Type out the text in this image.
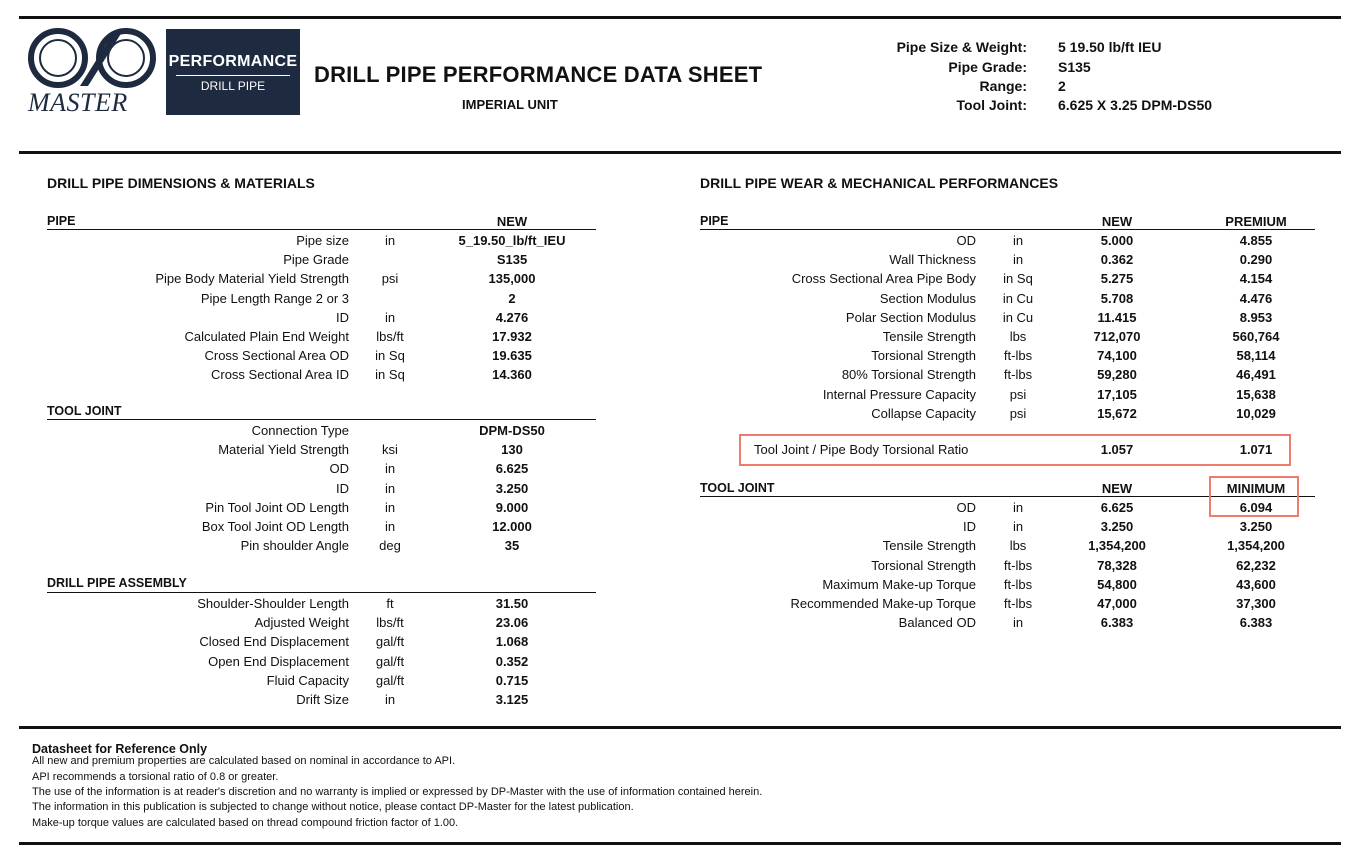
MASTER
PERFORMANCE
DRILL PIPE	DRILL PIPE PERFORMANCE DATA SHEET
IMPERIAL UNIT
Pipe Size & Weight: 5 19.50 lb/ft IEU
Pipe Grade: S135
Range: 2
Tool Joint: 6.625 X 3.25 DPM-DS50
DRILL PIPE DIMENSIONS & MATERIALS
PIPE	NEW
Pipe size	in	5_19.50_lb/ft_IEU
Pipe Grade	S135
Pipe Body Material Yield Strength	psi	135,000
Pipe Length Range 2 or 3	2
ID	in	4.276
Calculated Plain End Weight	lbs/ft	17.932
Cross Sectional Area OD	in Sq	19.635
Cross Sectional Area ID	in Sq	14.360
TOOL JOINT
Connection Type	DPM-DS50
Material Yield Strength	ksi	130
OD	in	6.625
ID	in	3.250
Pin Tool Joint OD Length	in	9.000
Box Tool Joint OD Length	in	12.000
Pin shoulder Angle	deg	35
DRILL PIPE ASSEMBLY
Shoulder-Shoulder Length	ft	31.50
Adjusted Weight	lbs/ft	23.06
Closed End Displacement	gal/ft	1.068
Open End Displacement	gal/ft	0.352
Fluid Capacity	gal/ft	0.715
Drift Size	in	3.125
DRILL PIPE WEAR & MECHANICAL PERFORMANCES
PIPE	NEW	PREMIUM
OD	in	5.000	4.855
Wall Thickness	in	0.362	0.290
Cross Sectional Area Pipe Body	in Sq	5.275	4.154
Section Modulus	in Cu	5.708	4.476
Polar Section Modulus	in Cu	11.415	8.953
Tensile Strength	lbs	712,070	560,764
Torsional Strength	ft-lbs	74,100	58,114
80% Torsional Strength	ft-lbs	59,280	46,491
Internal Pressure Capacity	psi	17,105	15,638
Collapse Capacity	psi	15,672	10,029
Tool Joint / Pipe Body Torsional Ratio	1.057	1.071
TOOL JOINT	NEW	MINIMUM
OD	in	6.625	6.094
ID	in	3.250	3.250
Tensile Strength	lbs	1,354,200	1,354,200
Torsional Strength	ft-lbs	78,328	62,232
Maximum Make-up Torque	ft-lbs	54,800	43,600
Recommended Make-up Torque	ft-lbs	47,000	37,300
Balanced OD	in	6.383	6.383
Datasheet for Reference Only
All new and premium properties are calculated based on nominal in accordance to API.
API recommends a torsional ratio of 0.8 or greater.
The use of the information is at reader's discretion and no warranty is implied or expressed by DP-Master with the use of information contained herein.
The information in this publication is subjected to change without notice, please contact DP-Master for the latest publication.
Make-up torque values are calculated based on thread compound friction factor of 1.00.
